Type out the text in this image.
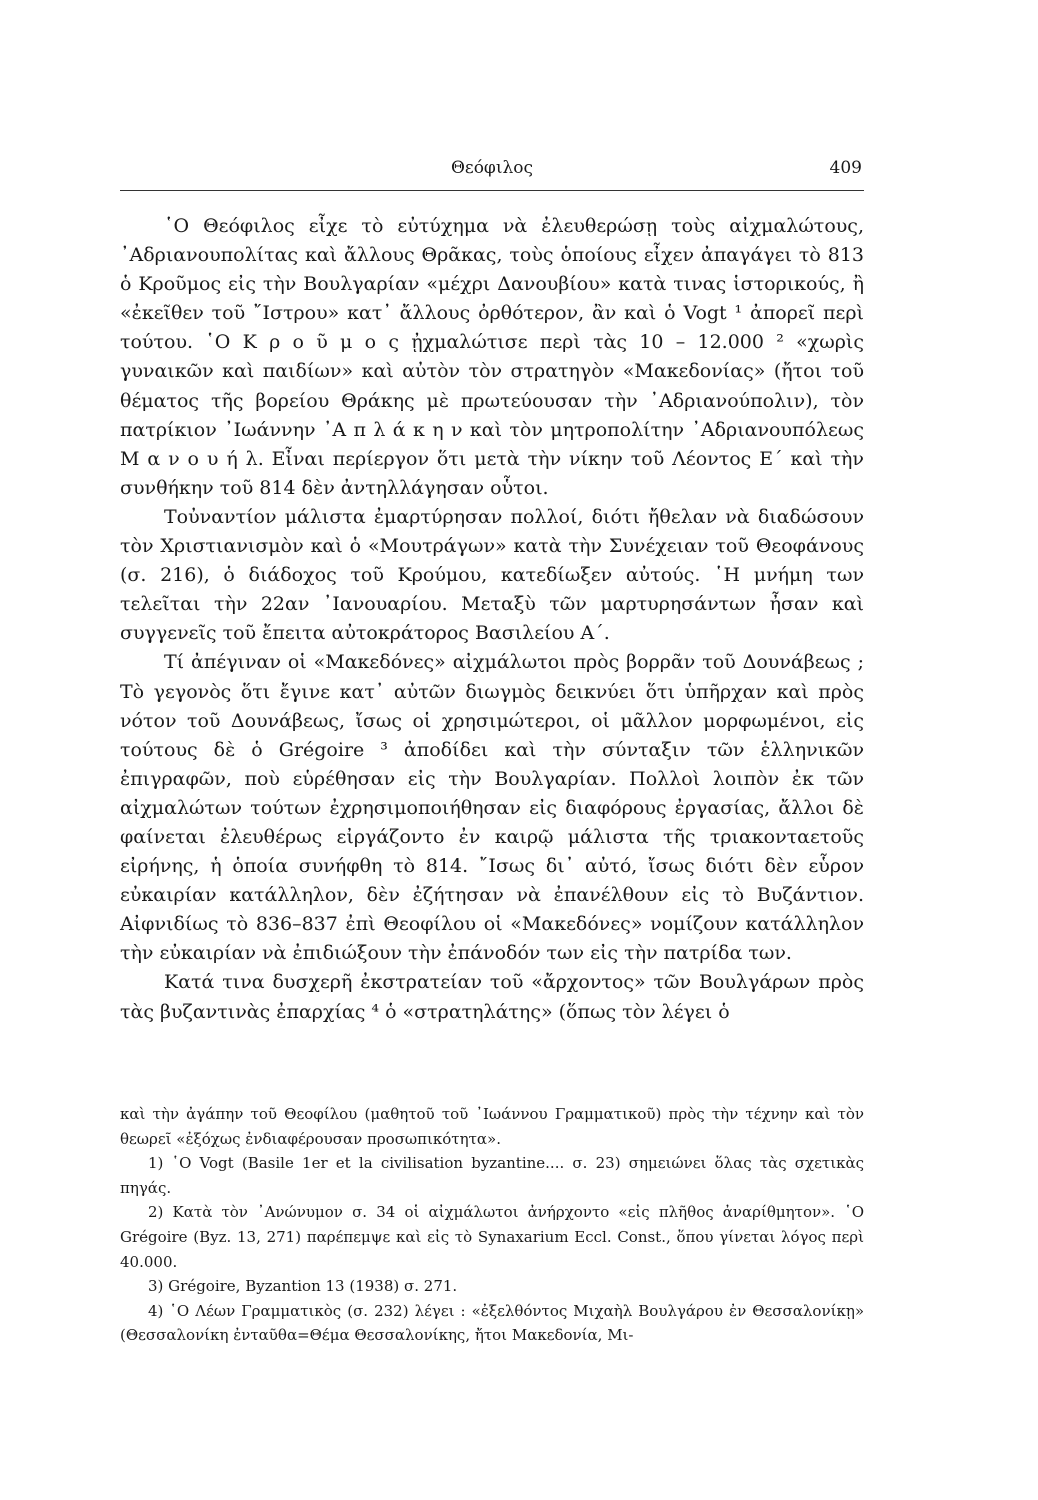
Θεόφιλος	409

῾Ο Θεόφιλος εἶχε τὸ εὐτύχημα νὰ ἐλευθερώσῃ τοὺς αἰχμαλώτους, ᾿Αδριανουπολίτας καὶ ἄλλους Θρᾶκας, τοὺς ὁποίους εἶχεν ἀπαγάγει τὸ 813 ὁ Κροῦμος εἰς τὴν Βουλγαρίαν «μέχρι Δανουβίου» κατὰ τινας ἱστορικούς, ἢ «ἐκεῖθεν τοῦ ῎Ιστρου» κατ᾿ ἄλλους ὀρθότερον, ἂν καὶ ὁ Vogt ¹ ἀπορεῖ περὶ τούτου. ῾Ο Κ ρ ο ῦ μ ο ς ᾐχμαλώτισε περὶ τὰς 10 – 12.000 ² «χωρὶς γυναικῶν καὶ παιδίων» καὶ αὐτὸν τὸν στρατηγὸν «Μακεδονίας» (ἤτοι τοῦ θέματος τῆς βορείου Θράκης μὲ πρωτεύουσαν τὴν ᾿Αδριανούπολιν), τὸν πατρίκιον ᾿Ιωάννην ᾿Α π λ ά κ η ν καὶ τὸν μητροπολίτην ᾿Αδριανουπόλεως Μ α ν ο υ ή λ. Εἶναι περίεργον ὅτι μετὰ τὴν νίκην τοῦ Λέοντος Ε΄ καὶ τὴν συνθήκην τοῦ 814 δὲν ἀντηλλάγησαν οὗτοι.

Τοὐναντίον μάλιστα ἐμαρτύρησαν πολλοί, διότι ἤθελαν νὰ διαδώσουν τὸν Χριστιανισμὸν καὶ ὁ «Μουτράγων» κατὰ τὴν Συνέχειαν τοῦ Θεοφάνους (σ. 216), ὁ διάδοχος τοῦ Κρούμου, κατεδίωξεν αὐτούς. ῾Η μνήμη των τελεῖται τὴν 22αν ᾿Ιανουαρίου. Μεταξὺ τῶν μαρτυρησάντων ἦσαν καὶ συγγενεῖς τοῦ ἔπειτα αὐτοκράτορος Βασιλείου Α΄.

Τί ἀπέγιναν οἱ «Μακεδόνες» αἰχμάλωτοι πρὸς βορρᾶν τοῦ Δουνάβεως ; Τὸ γεγονὸς ὅτι ἔγινε κατ᾿ αὐτῶν διωγμὸς δεικνύει ὅτι ὑπῆρχαν καὶ πρὸς νότον τοῦ Δουνάβεως, ἴσως οἱ χρησιμώτεροι, οἱ μᾶλλον μορφωμένοι, εἰς τούτους δὲ ὁ Grégoire ³ ἀποδίδει καὶ τὴν σύνταξιν τῶν ἑλληνικῶν ἐπιγραφῶν, ποὺ εὑρέθησαν εἰς τὴν Βουλγαρίαν. Πολλοὶ λοιπὸν ἐκ τῶν αἰχμαλώτων τούτων ἐχρησιμοποιήθησαν εἰς διαφόρους ἐργασίας, ἄλλοι δὲ φαίνεται ἐλευθέρως εἰργάζοντο ἐν καιρῷ μάλιστα τῆς τριακονταετοῦς εἰρήνης, ἡ ὁποία συνήφθη τὸ 814. ῎Ισως δι᾿ αὐτό, ἴσως διότι δὲν εὗρον εὐκαιρίαν κατάλληλον, δὲν ἐζήτησαν νὰ ἐπανέλθουν εἰς τὸ Βυζάντιον. Αἰφνιδίως τὸ 836–837 ἐπὶ Θεοφίλου οἱ «Μακεδόνες» νομίζουν κατάλληλον τὴν εὐκαιρίαν νὰ ἐπιδιώξουν τὴν ἐπάνοδόν των εἰς τὴν πατρίδα των.

Κατά τινα δυσχερῆ ἐκστρατείαν τοῦ «ἄρχοντος» τῶν Βουλγάρων πρὸς τὰς βυζαντινὰς ἐπαρχίας ⁴ ὁ «στρατηλάτης» (ὅπως τὸν λέγει ὁ

καὶ τὴν ἀγάπην τοῦ Θεοφίλου (μαθητοῦ τοῦ ᾿Ιωάννου Γραμματικοῦ) πρὸς τὴν τέχνην καὶ τὸν θεωρεῖ «ἐξόχως ἐνδιαφέρουσαν προσωπικότητα».

1) ῾Ο Vogt (Basile 1er et la civilisation byzantine.... σ. 23) σημειώνει ὅλας τὰς σχετικὰς πηγάς.

2) Κατὰ τὸν ᾿Ανώνυμον σ. 34 οἱ αἰχμάλωτοι ἀνήρχοντο «εἰς πλῆθος ἀναρίθμητον». ῾Ο Grégoire (Byz. 13, 271) παρέπεμψε καὶ εἰς τὸ Synaxarium Eccl. Const., ὅπου γίνεται λόγος περὶ 40.000.

3) Grégoire, Byzantion 13 (1938) σ. 271.

4) ῾Ο Λέων Γραμματικὸς (σ. 232) λέγει : «ἐξελθόντος Μιχαὴλ Βουλγάρου ἐν Θεσσαλονίκῃ» (Θεσσαλονίκη ἐνταῦθα=Θέμα Θεσσαλονίκης, ἤτοι Μακεδονία, Μι-
